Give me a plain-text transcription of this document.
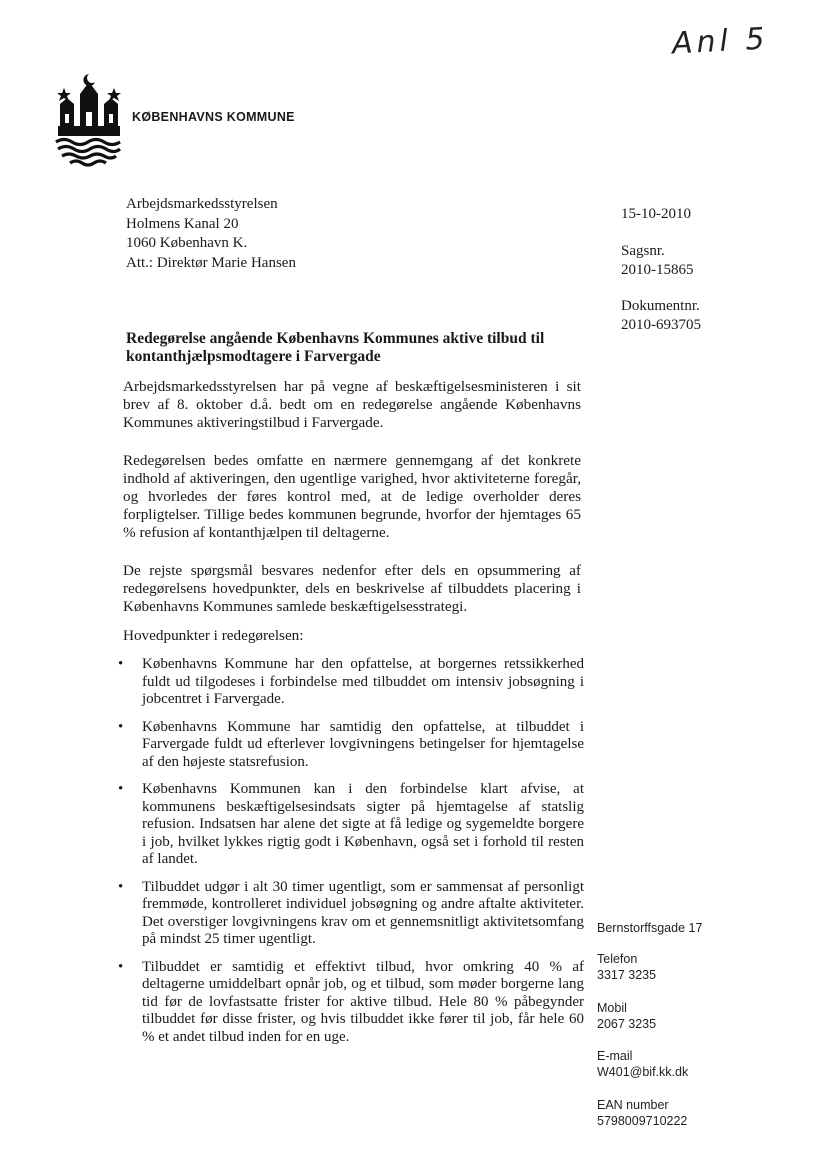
Anl 5
KØBENHAVNS KOMMUNE
Arbejdsmarkedsstyrelsen
Holmens Kanal 20
1060 København K.
Att.: Direktør Marie Hansen
15-10-2010
Sagsnr.
2010-15865
Dokumentnr.
2010-693705
Redegørelse angående Københavns Kommunes aktive tilbud til kontanthjælpsmodtagere i Farvergade
Arbejdsmarkedsstyrelsen har på vegne af beskæftigelsesministeren i sit brev af 8. oktober d.å. bedt om en redegørelse angående Københavns Kommunes aktiveringstilbud i Farvergade.
Redegørelsen bedes omfatte en nærmere gennemgang af det konkrete indhold af aktiveringen, den ugentlige varighed, hvor aktiviteterne foregår, og hvorledes der føres kontrol med, at de ledige overholder deres forpligtelser. Tillige bedes kommunen begrunde, hvorfor der hjemtages 65 % refusion af kontanthjælpen til deltagerne.
De rejste spørgsmål besvares nedenfor efter dels en opsummering af redegørelsens hovedpunkter, dels en beskrivelse af tilbuddets placering i Københavns Kommunes samlede beskæftigelsesstrategi.
Hovedpunkter i redegørelsen:
• Københavns Kommune har den opfattelse, at borgernes retssikkerhed fuldt ud tilgodeses i forbindelse med tilbuddet om intensiv jobsøgning i jobcentret i Farvergade.
• Københavns Kommune har samtidig den opfattelse, at tilbuddet i Farvergade fuldt ud efterlever lovgivningens betingelser for hjemtagelse af den højeste statsrefusion.
• Københavns Kommunen kan i den forbindelse klart afvise, at kommunens beskæftigelsesindsats sigter på hjemtagelse af statslig refusion. Indsatsen har alene det sigte at få ledige og sygemeldte borgere i job, hvilket lykkes rigtig godt i København, også set i forhold til resten af landet.
• Tilbuddet udgør i alt 30 timer ugentligt, som er sammensat af personligt fremmøde, kontrolleret individuel jobsøgning og andre aftalte aktiviteter. Det overstiger lovgivningens krav om et gennemsnitligt aktivitetsomfang på mindst 25 timer ugentligt.
• Tilbuddet er samtidig et effektivt tilbud, hvor omkring 40 % af deltagerne umiddelbart opnår job, og et tilbud, som møder borgerne lang tid før de lovfastsatte frister for aktive tilbud. Hele 80 % påbegynder tilbuddet før disse frister, og hvis tilbuddet ikke fører til job, får hele 60 % et andet tilbud inden for en uge.
Bernstorffsgade 17
Telefon
3317 3235
Mobil
2067 3235
E-mail
W401@bif.kk.dk
EAN number
5798009710222
